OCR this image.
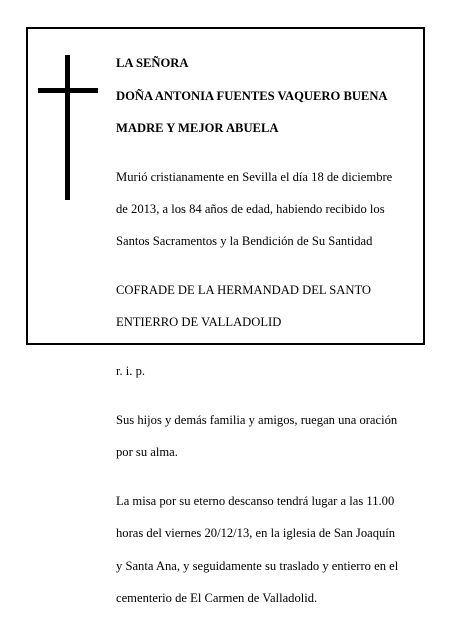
LA SEÑORA

DOÑA ANTONIA FUENTES VAQUERO BUENA

MADRE Y MEJOR ABUELA

Murió cristianamente en Sevilla el día 18 de diciembre

de 2013, a los 84 años de edad, habiendo recibido los

Santos Sacramentos y la Bendición de Su Santidad

COFRADE DE LA HERMANDAD DEL SANTO

ENTIERRO DE VALLADOLID

r. i. p.

Sus hijos y demás familia y amigos, ruegan una oración

por su alma.

La misa por su eterno descanso tendrá lugar a las 11.00

horas del viernes 20/12/13, en la iglesia de San Joaquín

y Santa Ana, y seguidamente su traslado y entierro en el

cementerio de El Carmen de Valladolid.
